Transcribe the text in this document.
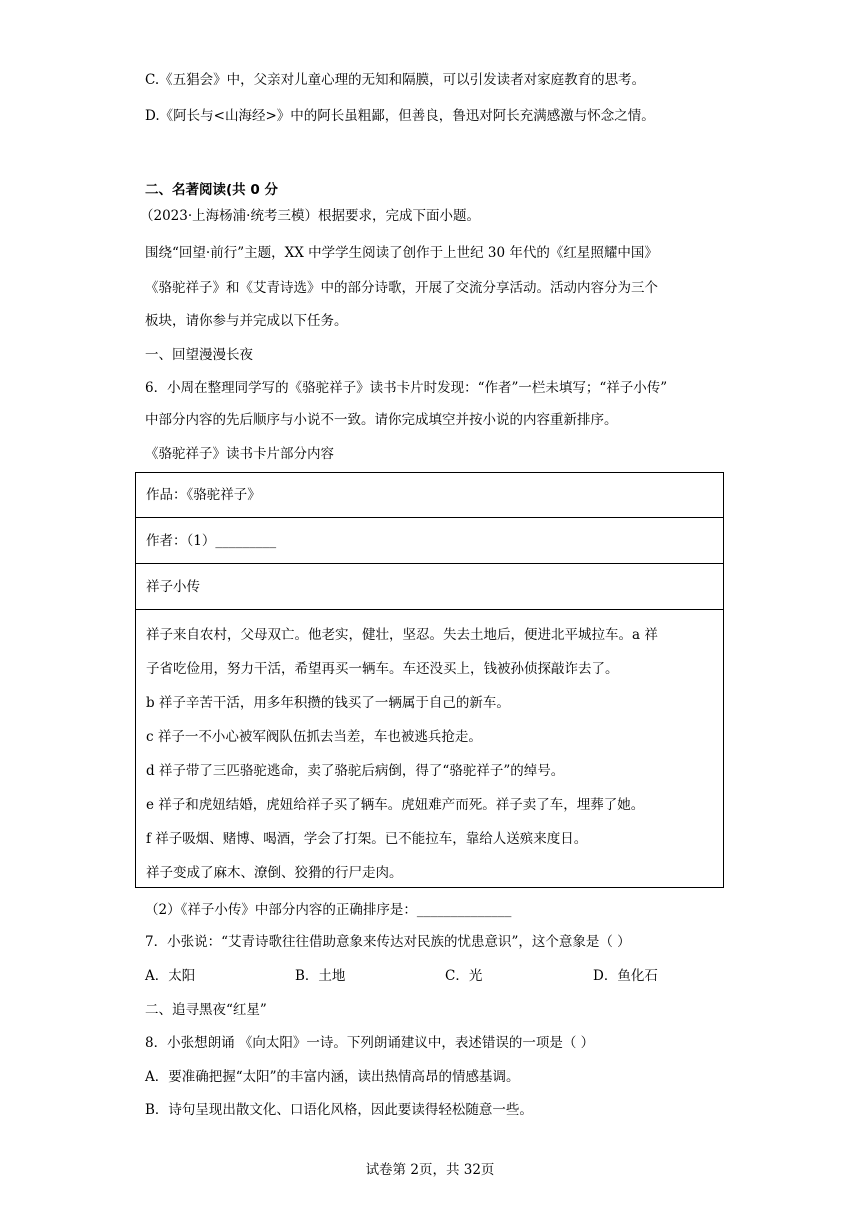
C.《五猖会》中，父亲对儿童心理的无知和隔膜，可以引发读者对家庭教育的思考。
D.《阿长与<山海经>》中的阿长虽粗鄙，但善良，鲁迅对阿长充满感激与怀念之情。
二、名著阅读(共 0 分
（2023·上海杨浦·统考三模）根据要求，完成下面小题。
围绕“回望·前行”主题，XX 中学学生阅读了创作于上世纪 30 年代的《红星照耀中国》
《骆驼祥子》和《艾青诗选》中的部分诗歌，开展了交流分享活动。活动内容分为三个
板块，请你参与并完成以下任务。
一、回望漫漫长夜
6．小周在整理同学写的《骆驼祥子》读书卡片时发现：“作者”一栏未填写；“祥子小传”
中部分内容的先后顺序与小说不一致。请你完成填空并按小说的内容重新排序。
《骆驼祥子》读书卡片部分内容
作品：《骆驼祥子》
作者：（1）_________
祥子小传
祥子来自农村，父母双亡。他老实，健壮，坚忍。失去土地后，便进北平城拉车。a 祥
子省吃俭用，努力干活，希望再买一辆车。车还没买上，钱被孙侦探敲诈去了。
b 祥子辛苦干活，用多年积攒的钱买了一辆属于自己的新车。
c 祥子一不小心被军阀队伍抓去当差，车也被逃兵抢走。
d 祥子带了三匹骆驼逃命，卖了骆驼后病倒，得了“骆驼祥子”的绰号。
e 祥子和虎妞结婚，虎妞给祥子买了辆车。虎妞难产而死。祥子卖了车，埋葬了她。
f 祥子吸烟、赌博、喝酒，学会了打架。已不能拉车，靠给人送殡来度日。
祥子变成了麻木、潦倒、狡猾的行尸走肉。
（2）《祥子小传》中部分内容的正确排序是：______________
7．小张说：“艾青诗歌往往借助意象来传达对民族的忧患意识”，这个意象是（ ）
A．太阳	B．土地	C．光	D．鱼化石
二、追寻黑夜“红星”
8．小张想朗诵 《向太阳》一诗。下列朗诵建议中，表述错误的一项是（ ）
A．要准确把握“太阳”的丰富内涵，读出热情高昂的情感基调。
B．诗句呈现出散文化、口语化风格，因此要读得轻松随意一些。
试卷第 2页，共 32页
